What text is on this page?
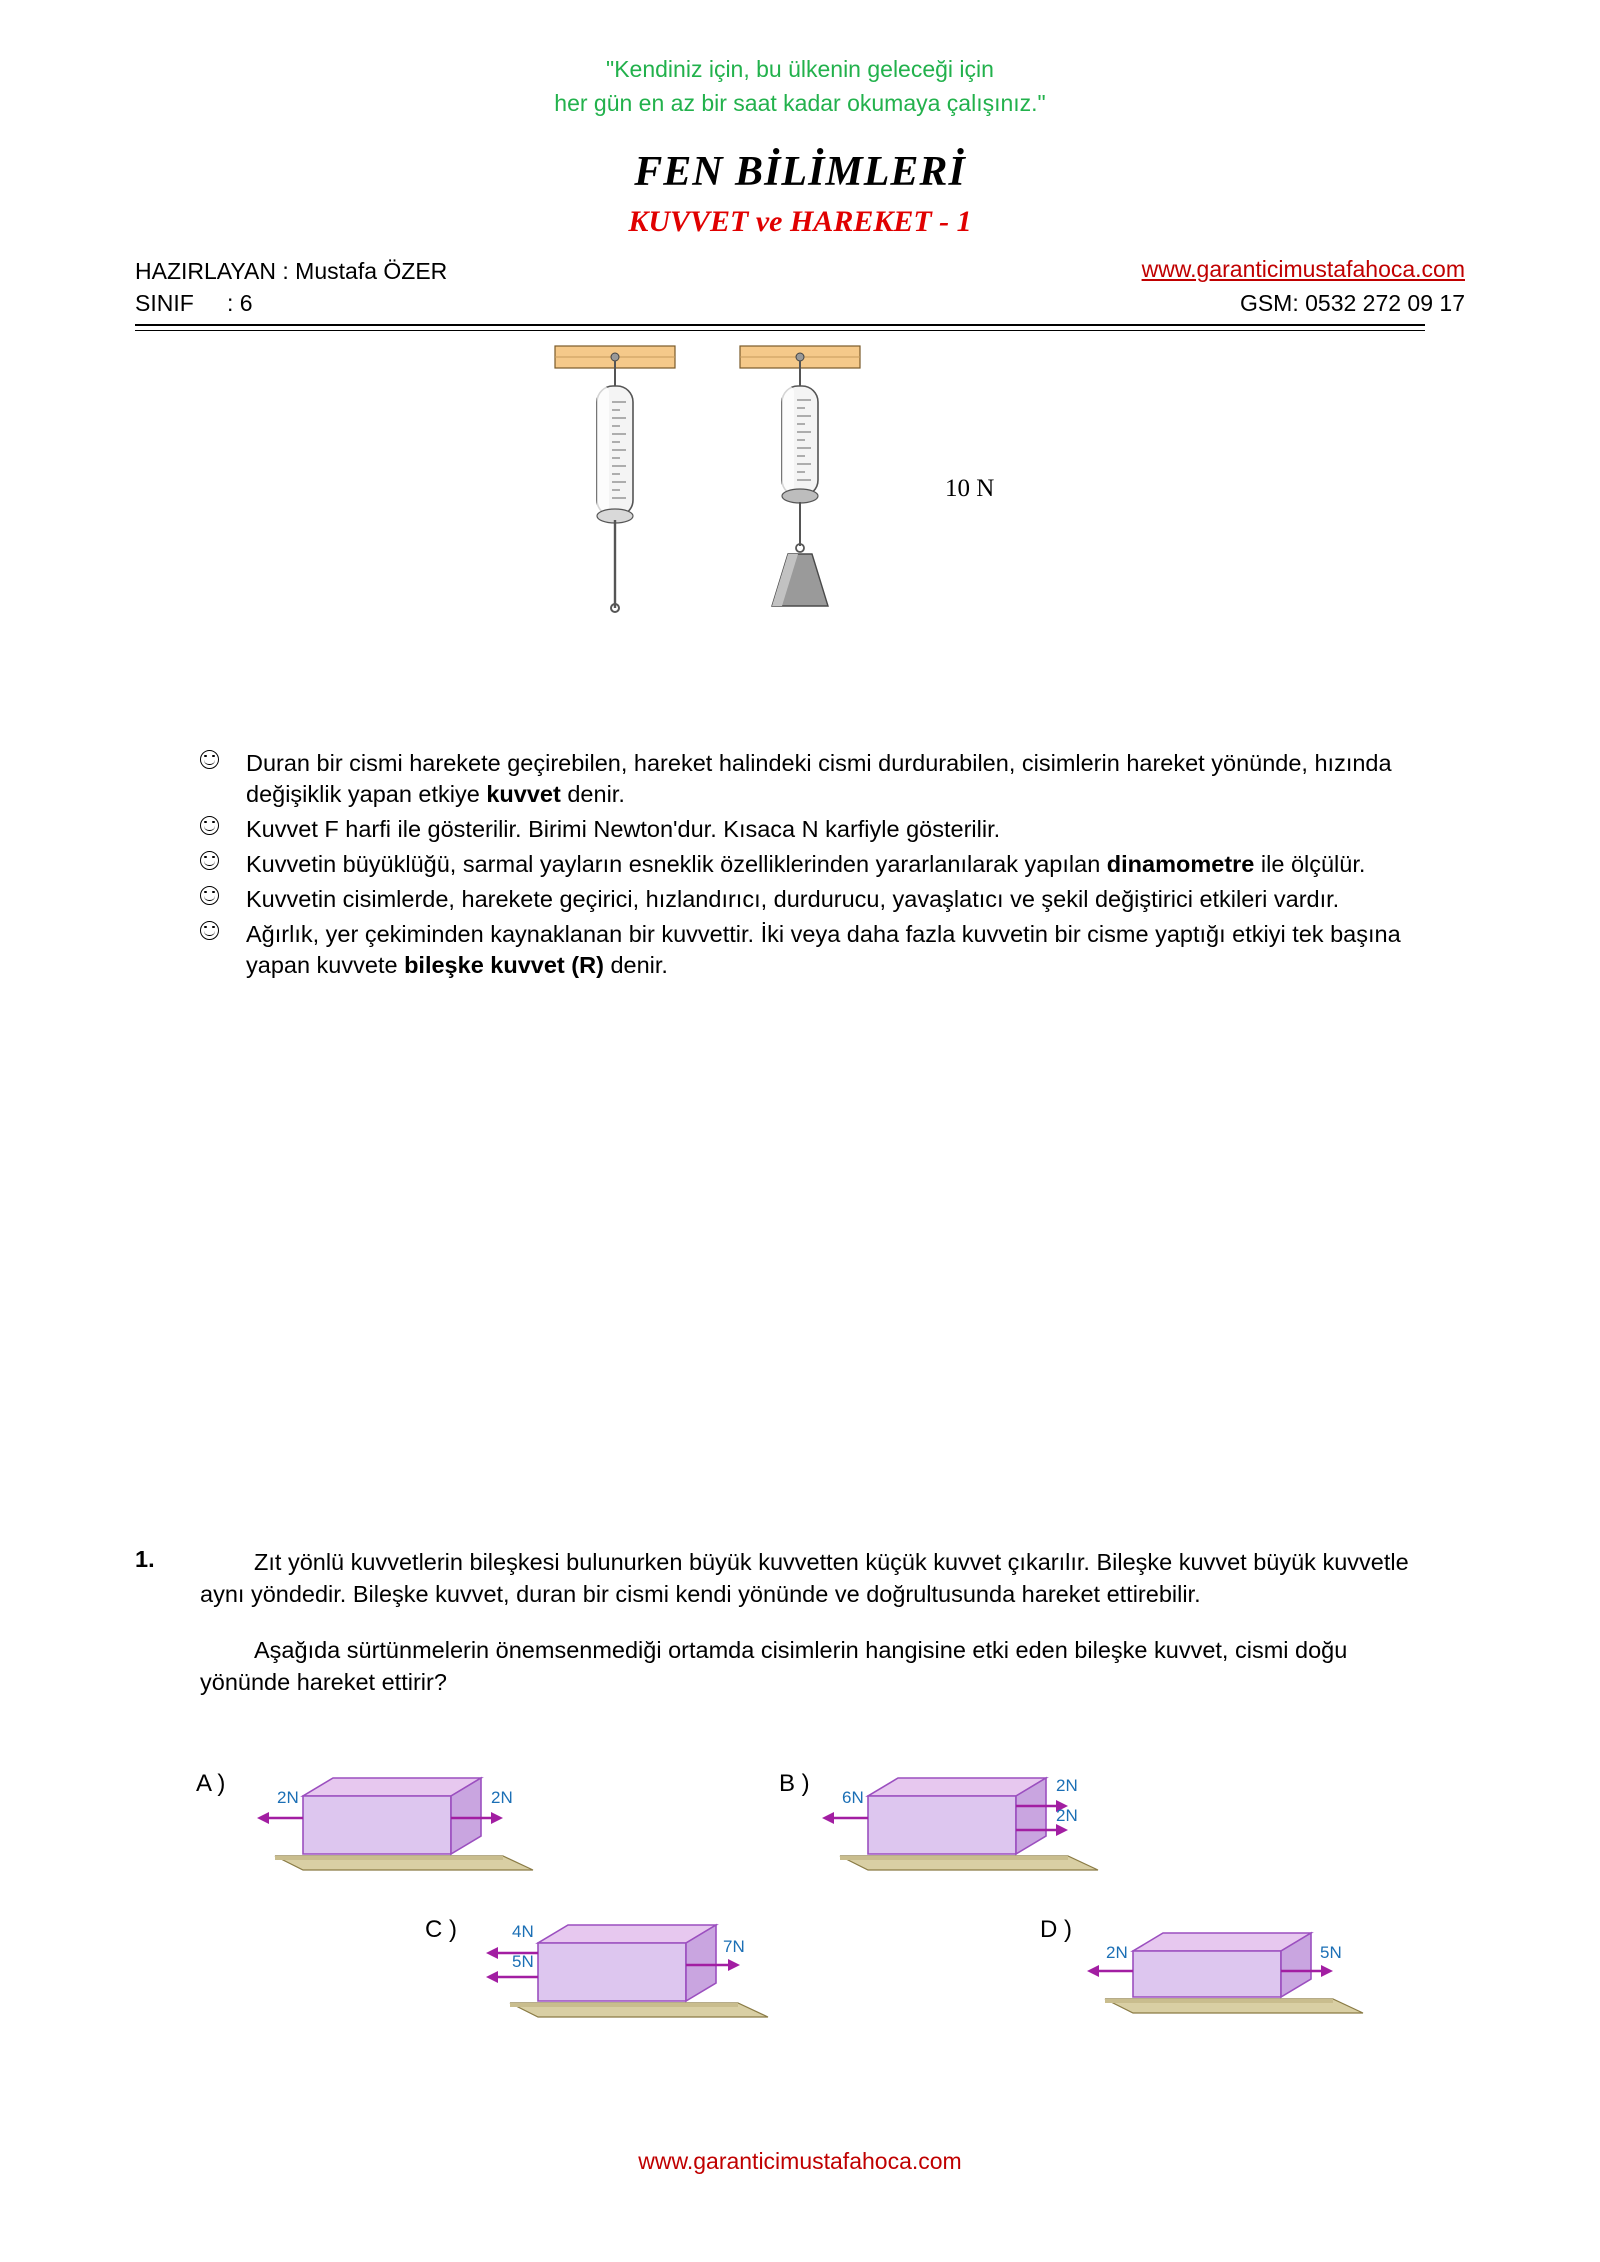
"Kendiniz için, bu ülkenin geleceği için
her gün en az bir saat kadar okumaya çalışınız."
FEN BİLİMLERİ
KUVVET ve HAREKET - 1
HAZIRLAYAN : Mustafa ÖZER
SINIF : 6
www.garanticimustafahoca.com
GSM: 0532 272 09 17
10 N
Duran bir cismi harekete geçirebilen, hareket halindeki cismi durdurabilen, cisimlerin hareket yönünde, hızında değişiklik yapan etkiye kuvvet denir.
Kuvvet F harfi ile gösterilir. Birimi Newton'dur. Kısaca N karfiyle gösterilir.
Kuvvetin büyüklüğü, sarmal yayların esneklik özelliklerinden yararlanılarak yapılan dinamometre ile ölçülür.
Kuvvetin cisimlerde, harekete geçirici, hızlandırıcı, durdurucu, yavaşlatıcı ve şekil değiştirici etkileri vardır.
Ağırlık, yer çekiminden kaynaklanan bir kuvvettir. İki veya daha fazla kuvvetin bir cisme yaptığı etkiyi tek başına yapan kuvvete bileşke kuvvet (R) denir.
1.	Zıt yönlü kuvvetlerin bileşkesi bulunurken büyük kuvvetten küçük kuvvet çıkarılır. Bileşke kuvvet büyük kuvvetle aynı yöndedir. Bileşke kuvvet, duran bir cismi kendi yönünde ve doğrultusunda hareket ettirebilir.

Aşağıda sürtünmelerin önemsenmediği ortamda cisimlerin hangisine etki eden bileşke kuvvet, cismi doğu yönünde hareket ettirir?

A )
2N	2N
B )
6N
2N
2N
C )	4N
5N
7N
D )
2N	5N
www.garanticimustafahoca.com
